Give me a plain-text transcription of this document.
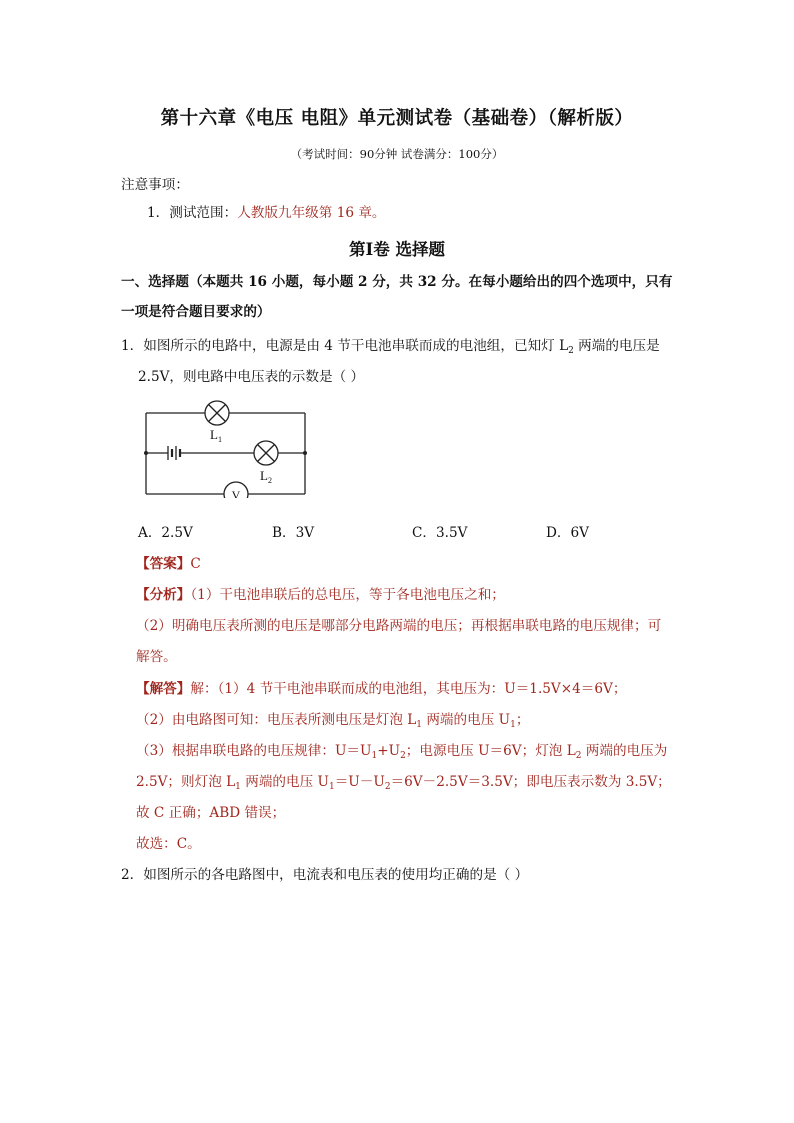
第十六章《电压 电阻》单元测试卷（基础卷）（解析版）
（考试时间：90分钟 试卷满分：100分）
注意事项：
1．测试范围：人教版九年级第 16 章。
第Ⅰ卷 选择题
一、选择题（本题共 16 小题，每小题 2 分，共 32 分。在每小题给出的四个选项中，只有
一项是符合题目要求的）
1．如图所示的电路中，电源是由 4 节干电池串联而成的电池组，已知灯 $L_2$ 两端的电压是
2.5V，则电路中电压表的示数是（ ）
$L_1$
$L_2$
V
A．2.5V	B．3V	C．3.5V	D．6V
【答案】C
【分析】（1）干电池串联后的总电压，等于各电池电压之和；
（2）明确电压表所测的电压是哪部分电路两端的电压；再根据串联电路的电压规律；可
解答。
【解答】解：（1）4 节干电池串联而成的电池组，其电压为：U＝1.5V×4＝6V；
（2）由电路图可知：电压表所测电压是灯泡 $L_1$ 两端的电压 $U_1$；
（3）根据串联电路的电压规律：$U=U_1+U_2$；电源电压 U＝6V；灯泡 $L_2$ 两端的电压为
2.5V；则灯泡 $L_1$ 两端的电压 $U_1=U-U_2=6V-2.5V=3.5V$；即电压表示数为 3.5V；
故 C 正确；ABD 错误；
故选：C。
2．如图所示的各电路图中，电流表和电压表的使用均正确的是（ ）
